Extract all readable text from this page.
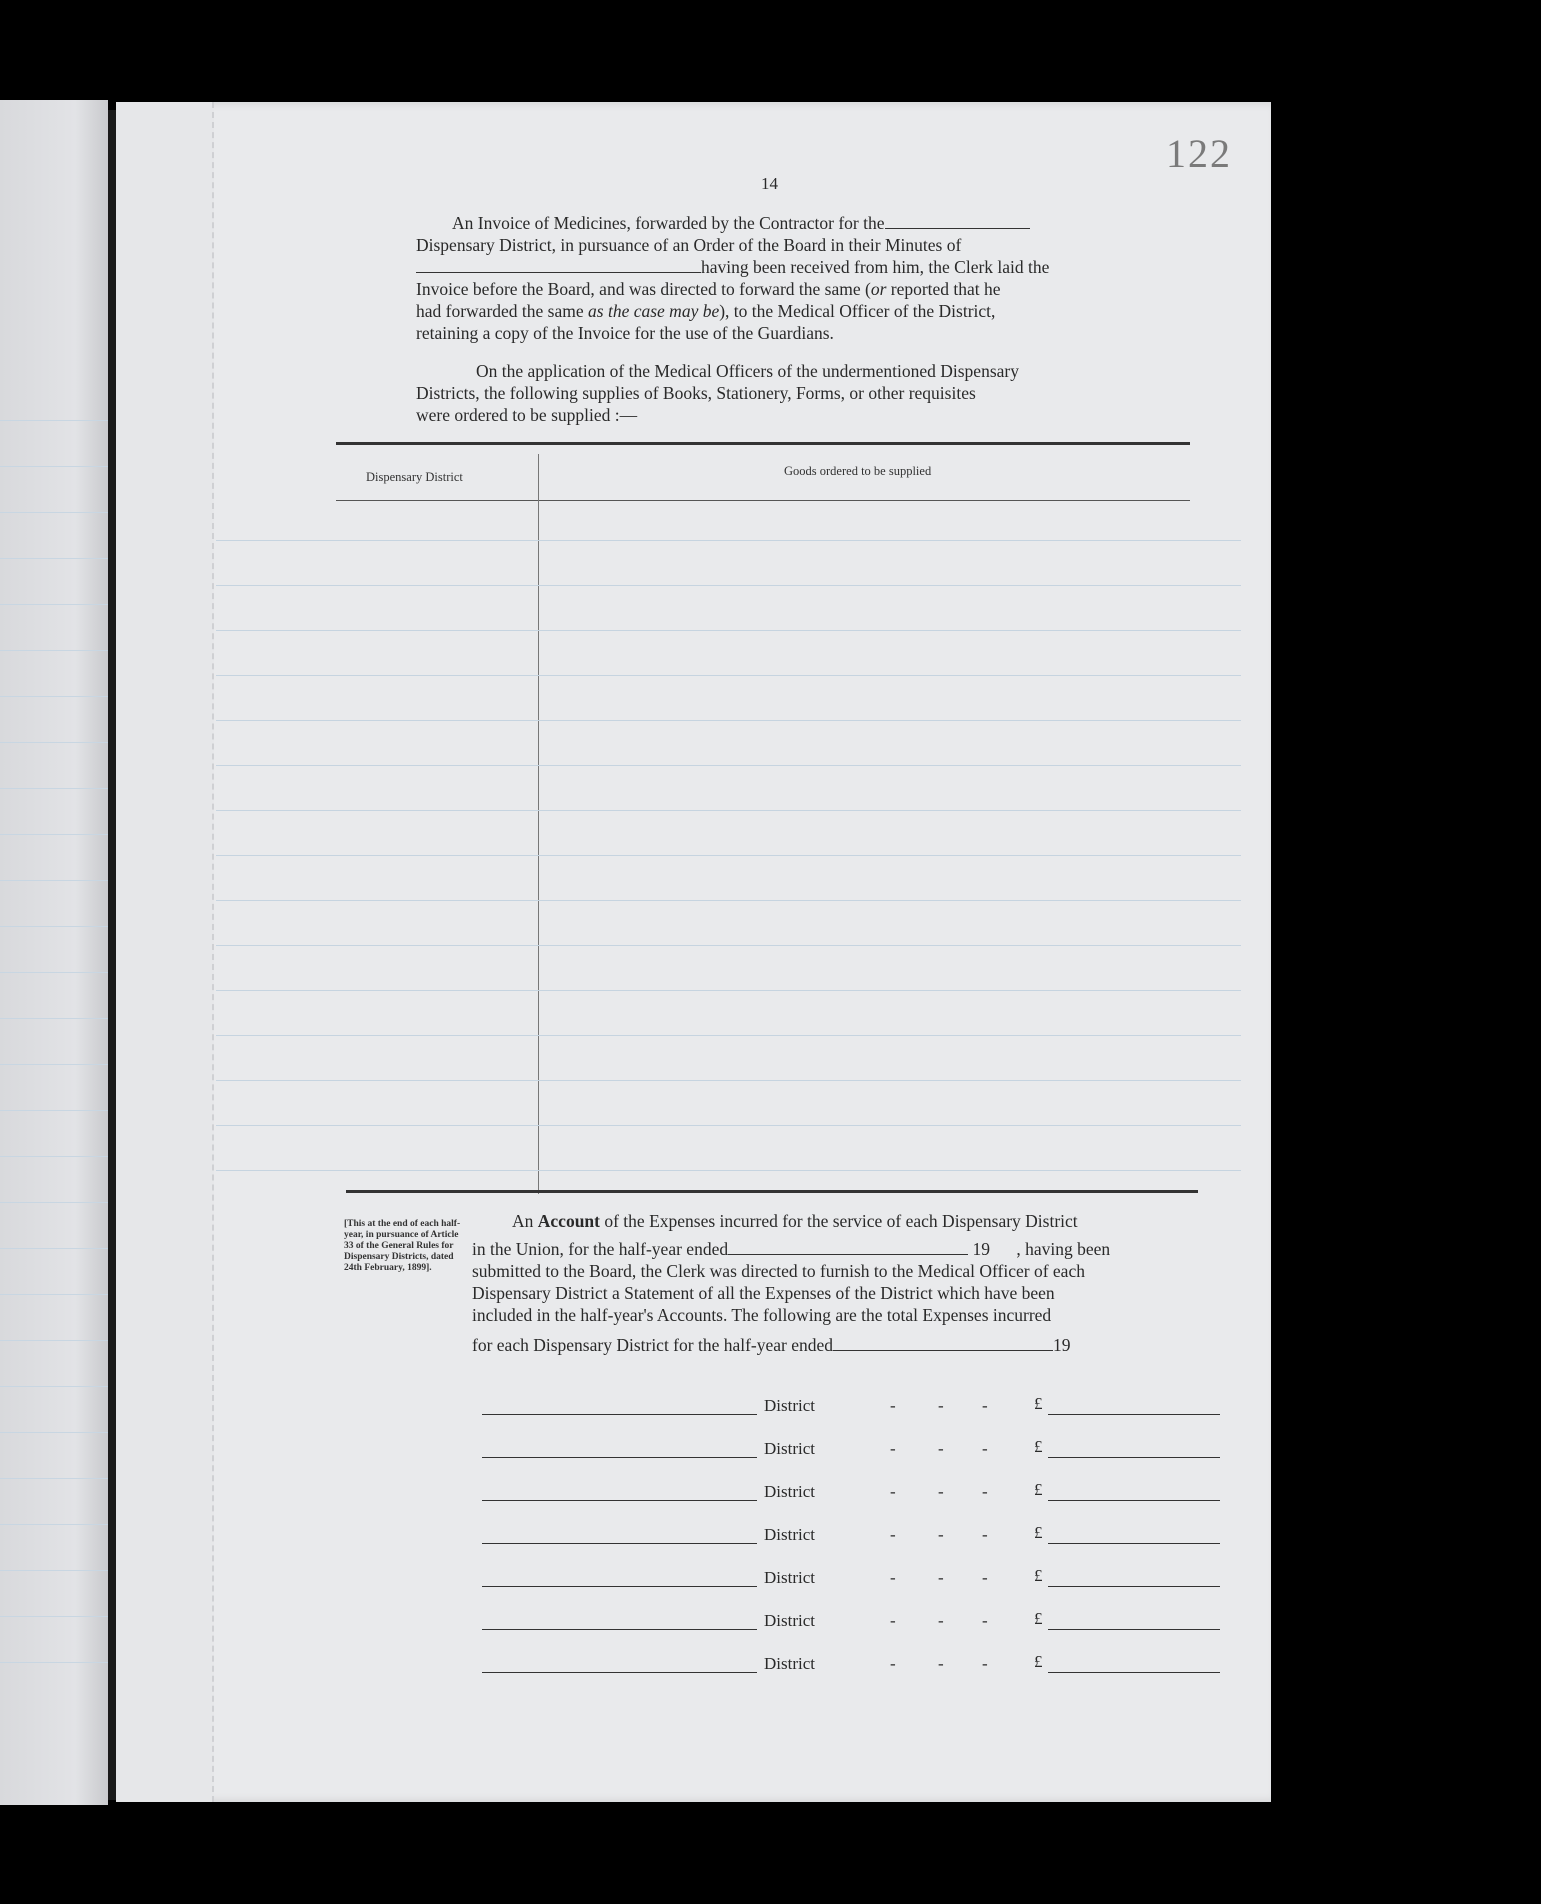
122
14
An Invoice of Medicines, forwarded by the Contractor for the
Dispensary District, in pursuance of an Order of the Board in their Minutes of
having been received from him, the Clerk laid the
Invoice before the Board, and was directed to forward the same (or reported that he
had forwarded the same as the case may be), to the Medical Officer of the District,
retaining a copy of the Invoice for the use of the Guardians.
On the application of the Medical Officers of the undermentioned Dispensary
Districts, the following supplies of Books, Stationery, Forms, or other requisites
were ordered to be supplied :—
Dispensary District	Goods ordered to be supplied
[This at the end of each half-year, in pursuance of Article 33 of the General Rules for Dispensary Districts, dated 24th February, 1899].
An Account of the Expenses incurred for the service of each Dispensary District
in the Union, for the half-year ended	19 , having been
submitted to the Board, the Clerk was directed to furnish to the Medical Officer of each
Dispensary District a Statement of all the Expenses of the District which have been
included in the half-year's Accounts. The following are the total Expenses incurred
for each Dispensary District for the half-year ended	19
District	- - -	£
District	- - -	£
District	- - -	£
District	- - -	£
District	- - -	£
District	- - -	£
District	- - -	£
